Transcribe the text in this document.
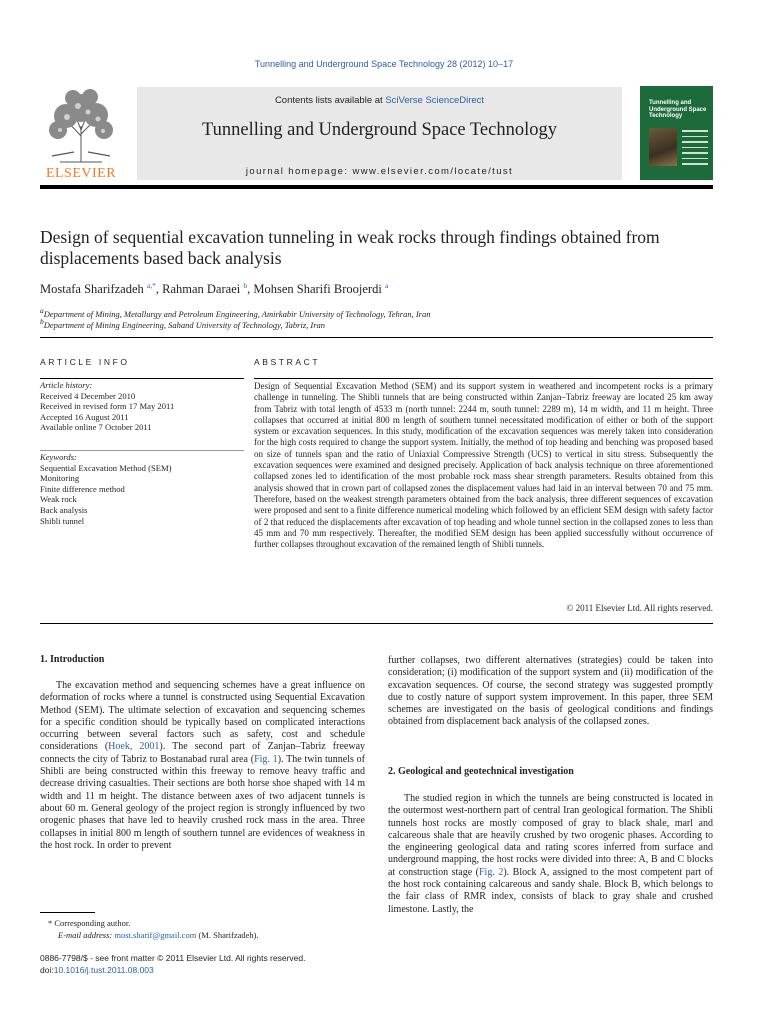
Tunnelling and Underground Space Technology 28 (2012) 10–17
ELSEVIER
Contents lists available at SciVerse ScienceDirect
Tunnelling and Underground Space Technology
journal homepage: www.elsevier.com/locate/tust
Tunnelling and Underground Space Technology
Design of sequential excavation tunneling in weak rocks through findings obtained from displacements based back analysis
Mostafa Sharifzadeh $^{a,*}$, Rahman Daraei $^b$, Mohsen Sharifi Broojerdi $^a$
$^a$Department of Mining, Metallurgy and Petroleum Engineering, Amirkabir University of Technology, Tehran, Iran
$^b$Department of Mining Engineering, Sahand University of Technology, Tabriz, Iran
ARTICLE INFO	ABSTRACT
Article history:
Received 4 December 2010
Received in revised form 17 May 2011
Accepted 16 August 2011
Available online 7 October 2011
Keywords:
Sequential Excavation Method (SEM)
Monitoring
Finite difference method
Weak rock
Back analysis
Shibli tunnel
Design of Sequential Excavation Method (SEM) and its support system in weathered and incompetent rocks is a primary challenge in tunneling. The Shibli tunnels that are being constructed within Zanjan–Tabriz freeway are located 25 km away from Tabriz with total length of 4533 m (north tunnel: 2244 m, south tunnel: 2289 m), 14 m width, and 11 m height. Three collapses that occurred at initial 800 m length of southern tunnel necessitated modification of either or both of the support system or excavation sequences. In this study, modification of the excavation sequences was merely taken into consideration for the high costs required to change the support system. Initially, the method of top heading and benching was proposed based on size of tunnels span and the ratio of Uniaxial Compressive Strength (UCS) to vertical in situ stress. Subsequently the excavation sequences were examined and designed precisely. Application of back analysis technique on three aforementioned collapsed zones led to identification of the most probable rock mass shear strength parameters. Results obtained from this analysis showed that in crown part of collapsed zones the displacement values had laid in an interval between 70 and 75 mm. Therefore, based on the weakest strength parameters obtained from the back analysis, three different sequences of excavation were proposed and sent to a finite difference numerical modeling which followed by an efficient SEM design with safety factor of 2 that reduced the displacements after excavation of top heading and whole tunnel section in the collapsed zones to less than 45 mm and 70 mm respectively. Thereafter, the modified SEM design has been applied successfully without occurrence of further collapses throughout excavation of the remained length of Shibli tunnels.
© 2011 Elsevier Ltd. All rights reserved.
1. Introduction
The excavation method and sequencing schemes have a great influence on deformation of rocks where a tunnel is constructed using Sequential Excavation Method (SEM). The ultimate selection of excavation and sequencing schemes for a specific condition should be typically based on complicated interactions occurring between several factors such as safety, cost and schedule considerations (Hoek, 2001). The second part of Zanjan–Tabriz freeway connects the city of Tabriz to Bostanabad rural area (Fig. 1). The twin tunnels of Shibli are being constructed within this freeway to remove heavy traffic and decrease driving casualties. Their sections are both horse shoe shaped with 14 m width and 11 m height. The distance between axes of two adjacent tunnels is about 60 m. General geology of the project region is strongly influenced by two orogenic phases that have led to heavily crushed rock mass in the area. Three collapses in initial 800 m length of southern tunnel are evidences of weakness in the host rock. In order to prevent
further collapses, two different alternatives (strategies) could be taken into consideration; (i) modification of the support system and (ii) modification of the excavation sequences. Of course, the second strategy was suggested promptly due to costly nature of support system improvement. In this paper, three SEM schemes are investigated on the basis of geological conditions and findings obtained from displacement back analysis of the collapsed zones.
2. Geological and geotechnical investigation
The studied region in which the tunnels are being constructed is located in the outermost west-northern part of central Iran geological formation. The Shibli tunnels host rocks are mostly composed of gray to black shale, marl and calcareous shale that are heavily crushed by two orogenic phases. According to the engineering geological data and rating scores inferred from surface and underground mapping, the host rocks were divided into three: A, B and C blocks at construction stage (Fig. 2). Block A, assigned to the most competent part of the host rock containing calcareous and sandy shale. Block B, which belongs to the fair class of RMR index, consists of black to gray shale and crushed limestone. Lastly, the
* Corresponding author.
E-mail address: most.sharif@gmail.com (M. Sharifzadeh).
0886-7798/$ - see front matter © 2011 Elsevier Ltd. All rights reserved.
doi:10.1016/j.tust.2011.08.003
